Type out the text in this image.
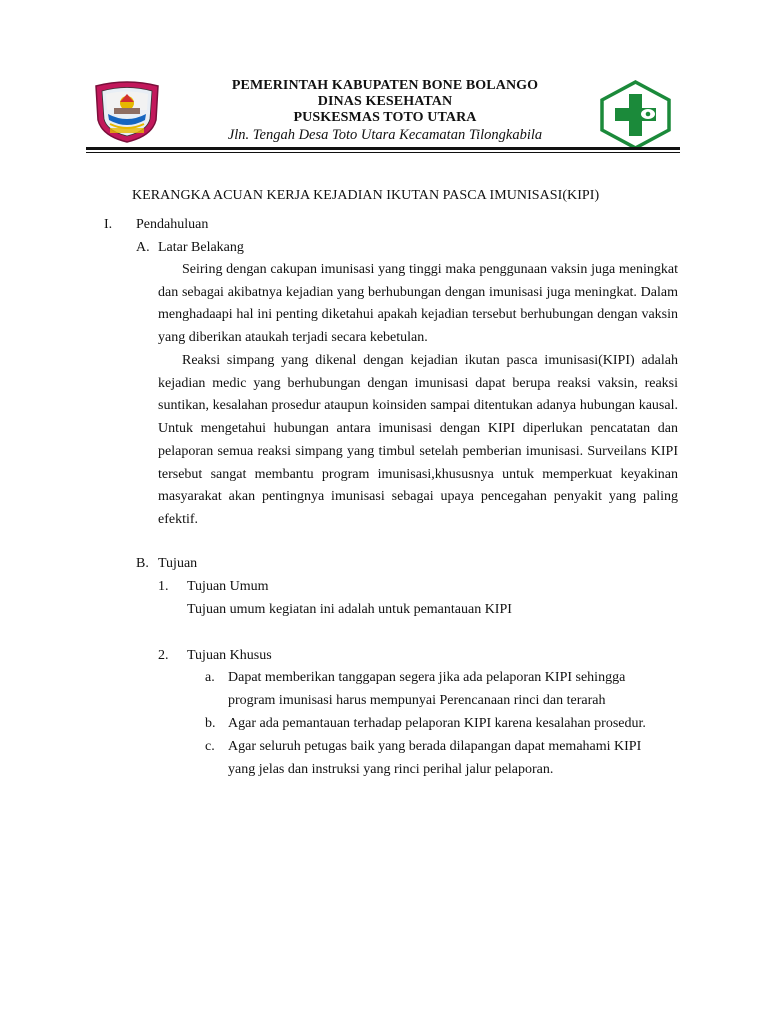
PEMERINTAH KABUPATEN BONE BOLANGO
DINAS KESEHATAN
PUSKESMAS TOTO UTARA
Jln. Tengah Desa Toto Utara Kecamatan Tilongkabila
KERANGKA ACUAN KERJA KEJADIAN IKUTAN PASCA IMUNISASI(KIPI)
I. Pendahuluan
A. Latar Belakang

Seiring dengan cakupan imunisasi yang tinggi maka penggunaan vaksin juga meningkat dan sebagai akibatnya kejadian yang berhubungan dengan imunisasi juga meningkat. Dalam menghadaapi hal ini penting diketahui apakah kejadian tersebut berhubungan dengan vaksin yang diberikan ataukah terjadi secara kebetulan.

Reaksi simpang yang dikenal dengan kejadian ikutan pasca imunisasi(KIPI) adalah kejadian medic yang berhubungan dengan imunisasi dapat berupa reaksi vaksin, reaksi suntikan, kesalahan prosedur ataupun koinsiden sampai ditentukan adanya hubungan kausal. Untuk mengetahui hubungan antara imunisasi dengan KIPI diperlukan pencatatan dan pelaporan semua reaksi simpang yang timbul setelah pemberian imunisasi. Surveilans KIPI tersebut sangat membantu program imunisasi,khususnya untuk memperkuat keyakinan masyarakat akan pentingnya imunisasi sebagai upaya pencegahan penyakit yang paling efektif.

B. Tujuan
1. Tujuan Umum
Tujuan umum kegiatan ini adalah untuk pemantauan KIPI
2. Tujuan Khusus
a. Dapat memberikan tanggapan segera jika ada pelaporan KIPI sehingga
program imunisasi harus mempunyai Perencanaan rinci dan terarah
b. Agar ada pemantauan terhadap pelaporan KIPI karena kesalahan prosedur.
c. Agar seluruh petugas baik yang berada dilapangan dapat memahami KIPI
yang jelas dan instruksi yang rinci perihal jalur pelaporan.
